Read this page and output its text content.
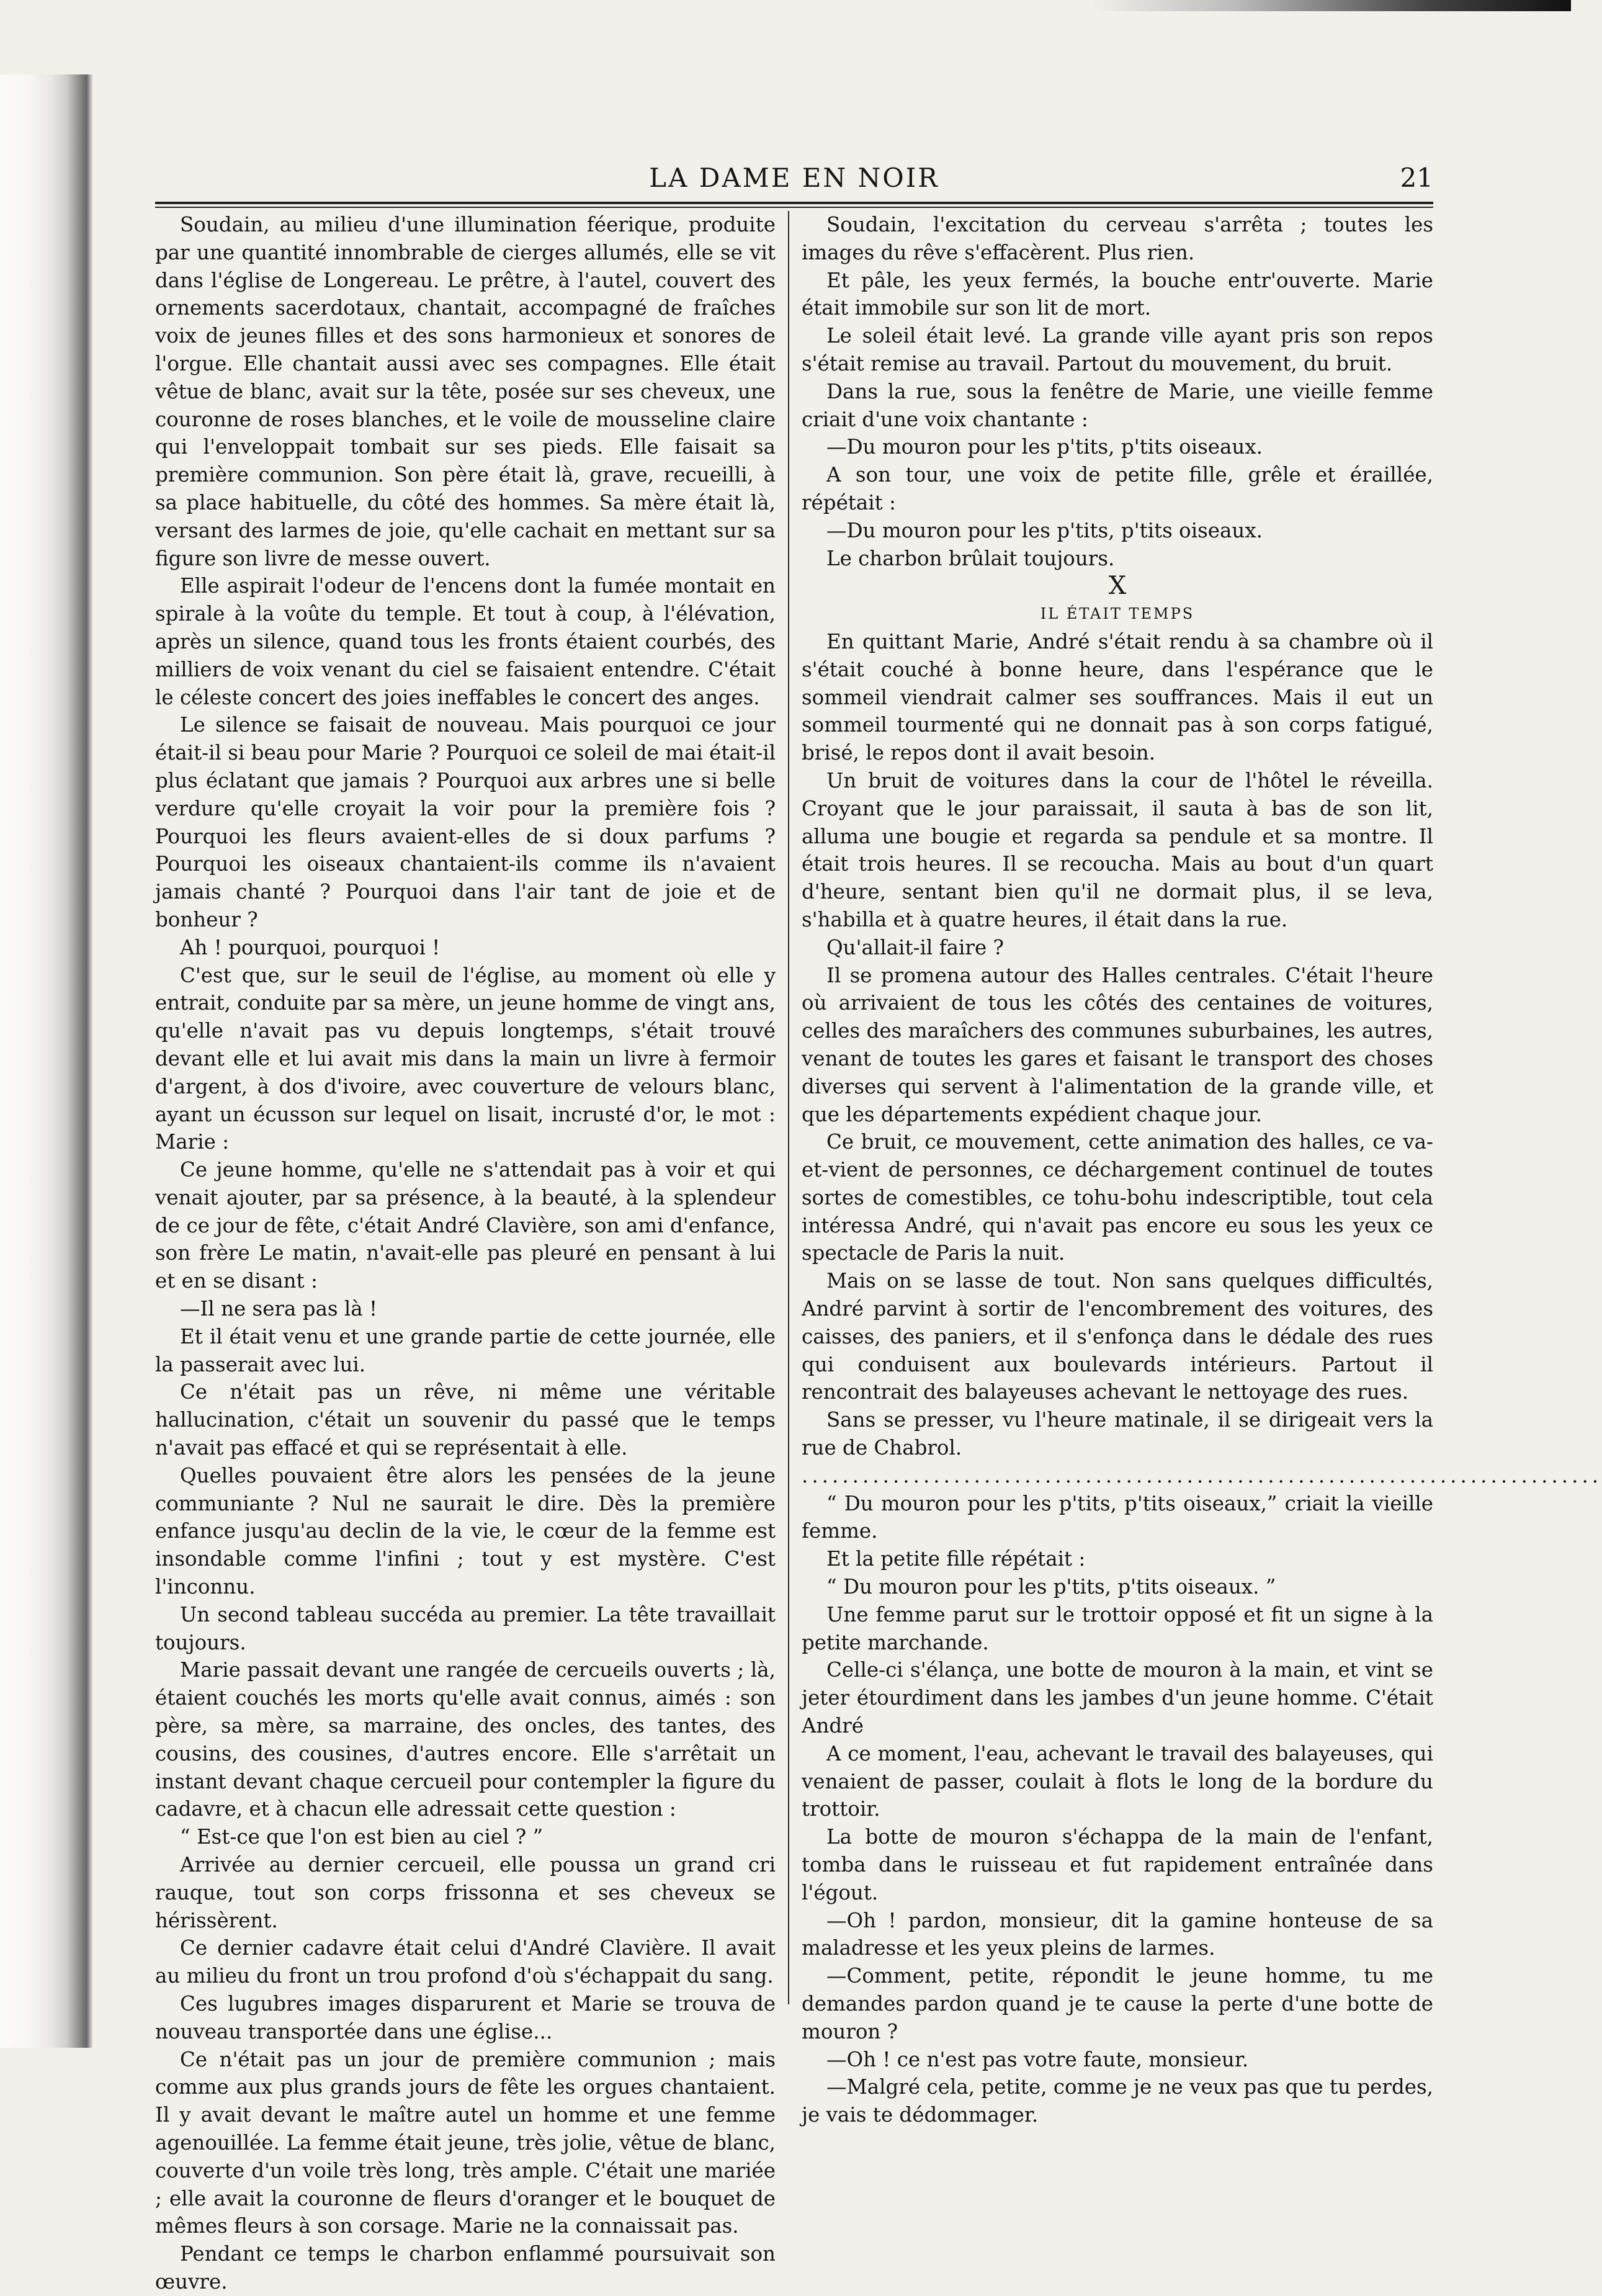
LA DAME EN NOIR	21

Soudain, au milieu d'une illumination féerique, produite par une quantité innombrable de cierges allumés, elle se vit dans l'église de Longereau. Le prêtre, à l'autel, couvert des ornements sacerdotaux, chantait, accompagné de fraîches voix de jeunes filles et des sons harmonieux et sonores de l'orgue. Elle chantait aussi avec ses compagnes. Elle était vêtue de blanc, avait sur la tête, posée sur ses cheveux, une couronne de roses blanches, et le voile de mousseline claire qui l'enveloppait tombait sur ses pieds. Elle faisait sa première communion. Son père était là, grave, recueilli, à sa place habituelle, du côté des hommes. Sa mère était là, versant des larmes de joie, qu'elle cachait en mettant sur sa figure son livre de messe ouvert.

Elle aspirait l'odeur de l'encens dont la fumée montait en spirale à la voûte du temple. Et tout à coup, à l'élévation, après un silence, quand tous les fronts étaient courbés, des milliers de voix venant du ciel se faisaient entendre. C'était le céleste concert des joies ineffables le concert des anges.

Le silence se faisait de nouveau. Mais pourquoi ce jour était-il si beau pour Marie ? Pourquoi ce soleil de mai était-il plus éclatant que jamais ? Pourquoi aux arbres une si belle verdure qu'elle croyait la voir pour la première fois ? Pourquoi les fleurs avaient-elles de si doux parfums ? Pourquoi les oiseaux chantaient-ils comme ils n'avaient jamais chanté ? Pourquoi dans l'air tant de joie et de bonheur ?

Ah ! pourquoi, pourquoi !

C'est que, sur le seuil de l'église, au moment où elle y entrait, conduite par sa mère, un jeune homme de vingt ans, qu'elle n'avait pas vu depuis longtemps, s'était trouvé devant elle et lui avait mis dans la main un livre à fermoir d'argent, à dos d'ivoire, avec couverture de velours blanc, ayant un écusson sur lequel on lisait, incrusté d'or, le mot : Marie :

Ce jeune homme, qu'elle ne s'attendait pas à voir et qui venait ajouter, par sa présence, à la beauté, à la splendeur de ce jour de fête, c'était André Clavière, son ami d'enfance, son frère Le matin, n'avait-elle pas pleuré en pensant à lui et en se disant :

—Il ne sera pas là !

Et il était venu et une grande partie de cette journée, elle la passerait avec lui.

Ce n'était pas un rêve, ni même une véritable hallucination, c'était un souvenir du passé que le temps n'avait pas effacé et qui se représentait à elle.

Quelles pouvaient être alors les pensées de la jeune communiante ? Nul ne saurait le dire. Dès la première enfance jusqu'au declin de la vie, le cœur de la femme est insondable comme l'infini ; tout y est mystère. C'est l'inconnu.

Un second tableau succéda au premier. La tête travaillait toujours.

Marie passait devant une rangée de cercueils ouverts ; là, étaient couchés les morts qu'elle avait connus, aimés : son père, sa mère, sa marraine, des oncles, des tantes, des cousins, des cousines, d'autres encore. Elle s'arrêtait un instant devant chaque cercueil pour contempler la figure du cadavre, et à chacun elle adressait cette question :

“ Est-ce que l'on est bien au ciel ? ”

Arrivée au dernier cercueil, elle poussa un grand cri rauque, tout son corps frissonna et ses cheveux se hérissèrent.

Ce dernier cadavre était celui d'André Clavière. Il avait au milieu du front un trou profond d'où s'échappait du sang.

Ces lugubres images disparurent et Marie se trouva de nouveau transportée dans une église...

Ce n'était pas un jour de première communion ; mais comme aux plus grands jours de fête les orgues chantaient. Il y avait devant le maître autel un homme et une femme agenouillée. La femme était jeune, très jolie, vêtue de blanc, couverte d'un voile très long, très ample. C'était une mariée ; elle avait la couronne de fleurs d'oranger et le bouquet de mêmes fleurs à son corsage. Marie ne la connaissait pas.

Pendant ce temps le charbon enflammé poursuivait son œuvre.

Soudain, l'excitation du cerveau s'arrêta ; toutes les images du rêve s'effacèrent. Plus rien.

Et pâle, les yeux fermés, la bouche entr'ouverte. Marie était immobile sur son lit de mort.

Le soleil était levé. La grande ville ayant pris son repos s'était remise au travail. Partout du mouvement, du bruit.

Dans la rue, sous la fenêtre de Marie, une vieille femme criait d'une voix chantante :

—Du mouron pour les p'tits, p'tits oiseaux.

A son tour, une voix de petite fille, grêle et éraillée, répétait :

—Du mouron pour les p'tits, p'tits oiseaux.

Le charbon brûlait toujours.

X

IL ÉTAIT TEMPS

En quittant Marie, André s'était rendu à sa chambre où il s'était couché à bonne heure, dans l'espérance que le sommeil viendrait calmer ses souffrances. Mais il eut un sommeil tourmenté qui ne donnait pas à son corps fatigué, brisé, le repos dont il avait besoin.

Un bruit de voitures dans la cour de l'hôtel le réveilla. Croyant que le jour paraissait, il sauta à bas de son lit, alluma une bougie et regarda sa pendule et sa montre. Il était trois heures. Il se recoucha. Mais au bout d'un quart d'heure, sentant bien qu'il ne dormait plus, il se leva, s'habilla et à quatre heures, il était dans la rue.

Qu'allait-il faire ?

Il se promena autour des Halles centrales. C'était l'heure où arrivaient de tous les côtés des centaines de voitures, celles des maraîchers des communes suburbaines, les autres, venant de toutes les gares et faisant le transport des choses diverses qui servent à l'alimentation de la grande ville, et que les départements expédient chaque jour.

Ce bruit, ce mouvement, cette animation des halles, ce va-et-vient de personnes, ce déchargement continuel de toutes sortes de comestibles, ce tohu-bohu indescriptible, tout cela intéressa André, qui n'avait pas encore eu sous les yeux ce spectacle de Paris la nuit.

Mais on se lasse de tout. Non sans quelques difficultés, André parvint à sortir de l'encombrement des voitures, des caisses, des paniers, et il s'enfonça dans le dédale des rues qui conduisent aux boulevards intérieurs. Partout il rencontrait des balayeuses achevant le nettoyage des rues.

Sans se presser, vu l'heure matinale, il se dirigeait vers la rue de Chabrol.

...............................................................................

“ Du mouron pour les p'tits, p'tits oiseaux,” criait la vieille femme.

Et la petite fille répétait :

“ Du mouron pour les p'tits, p'tits oiseaux. ”

Une femme parut sur le trottoir opposé et fit un signe à la petite marchande.

Celle-ci s'élança, une botte de mouron à la main, et vint se jeter étourdiment dans les jambes d'un jeune homme. C'était André

A ce moment, l'eau, achevant le travail des balayeuses, qui venaient de passer, coulait à flots le long de la bordure du trottoir.

La botte de mouron s'échappa de la main de l'enfant, tomba dans le ruisseau et fut rapidement entraînée dans l'égout.

—Oh ! pardon, monsieur, dit la gamine honteuse de sa maladresse et les yeux pleins de larmes.

—Comment, petite, répondit le jeune homme, tu me demandes pardon quand je te cause la perte d'une botte de mouron ?

—Oh ! ce n'est pas votre faute, monsieur.

—Malgré cela, petite, comme je ne veux pas que tu perdes, je vais te dédommager.
